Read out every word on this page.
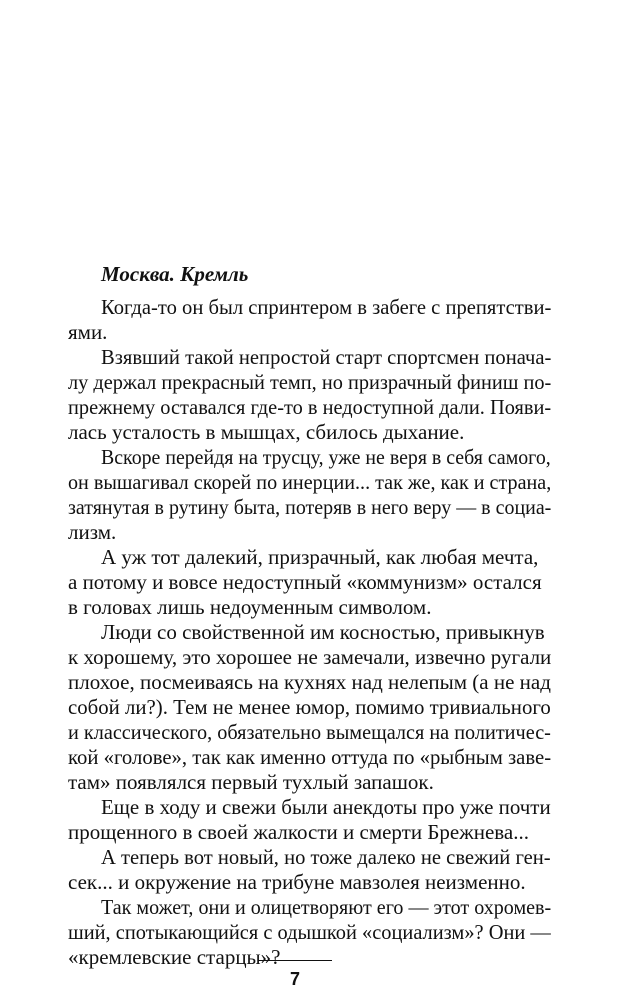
Москва. Кремль
Когда-то он был спринтером в забеге с препятстви-
ями.
Взявший такой непростой старт спортсмен поначa-
лу держал прекрасный темп, но призрачный финиш по-
прежнему оставался где-то в недоступной дали. Появи-
лась усталость в мышцах, сбилось дыхание.
Вскоре перейдя на трусцу, уже не веря в себя самого,
он вышагивал скорей по инерции... так же, как и страна,
затянутая в рутину быта, потеряв в него веру — в социа-
лизм.
А уж тот далекий, призрачный, как любая мечта,
а потому и вовсе недоступный «коммунизм» остался
в головах лишь недоуменным символом.
Люди со свойственной им косностью, привыкнув
к хорошему, это хорошее не замечали, извечно ругали
плохое, посмеиваясь на кухнях над нелепым (а не над
собой ли?). Тем не менее юмор, помимо тривиального
и классического, обязательно вымещался на политичес-
кой «голове», так как именно оттуда по «рыбным заве-
там» появлялся первый тухлый запашок.
Еще в ходу и свежи были анекдоты про уже почти
прощенного в своей жалкости и смерти Брежнева...
А теперь вот новый, но тоже далеко не свежий ген-
сек... и окружение на трибуне мавзолея неизменно.
Так может, они и олицетворяют его — этот охромев-
ший, спотыкающийся с одышкой «социализм»? Они —
«кремлевские старцы»?
7
